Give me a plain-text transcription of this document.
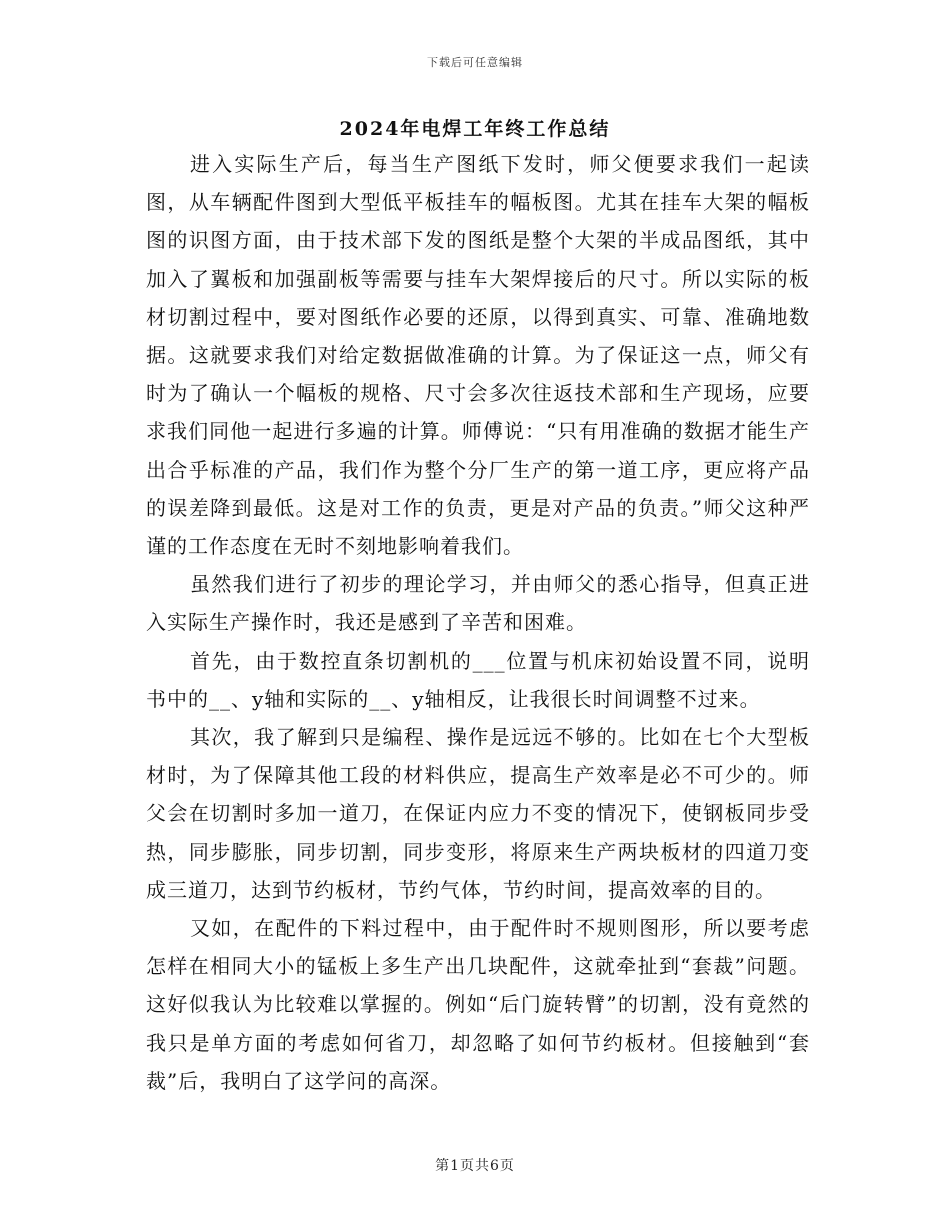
下载后可任意编辑
2024年电焊工年终工作总结

进入实际生产后，每当生产图纸下发时，师父便要求我们一起读图，从车辆配件图到大型低平板挂车的幅板图。尤其在挂车大架的幅板图的识图方面，由于技术部下发的图纸是整个大架的半成品图纸，其中加入了翼板和加强副板等需要与挂车大架焊接后的尺寸。所以实际的板材切割过程中，要对图纸作必要的还原，以得到真实、可靠、准确地数据。这就要求我们对给定数据做准确的计算。为了保证这一点，师父有时为了确认一个幅板的规格、尺寸会多次往返技术部和生产现场，应要求我们同他一起进行多遍的计算。师傅说：“只有用准确的数据才能生产出合乎标准的产品，我们作为整个分厂生产的第一道工序，更应将产品的误差降到最低。这是对工作的负责，更是对产品的负责。”师父这种严谨的工作态度在无时不刻地影响着我们。

虽然我们进行了初步的理论学习，并由师父的悉心指导，但真正进入实际生产操作时，我还是感到了辛苦和困难。

首先，由于数控直条切割机的___位置与机床初始设置不同，说明书中的__、y轴和实际的__、y轴相反，让我很长时间调整不过来。

其次，我了解到只是编程、操作是远远不够的。比如在七个大型板材时，为了保障其他工段的材料供应，提高生产效率是必不可少的。师父会在切割时多加一道刀，在保证内应力不变的情况下，使钢板同步受热，同步膨胀，同步切割，同步变形，将原来生产两块板材的四道刀变成三道刀，达到节约板材，节约气体，节约时间，提高效率的目的。

又如，在配件的下料过程中，由于配件时不规则图形，所以要考虑怎样在相同大小的锰板上多生产出几块配件，这就牵扯到“套裁”问题。这好似我认为比较难以掌握的。例如“后门旋转臂”的切割，没有竟然的我只是单方面的考虑如何省刀，却忽略了如何节约板材。但接触到“套裁”后，我明白了这学问的高深。

第1页共6页
